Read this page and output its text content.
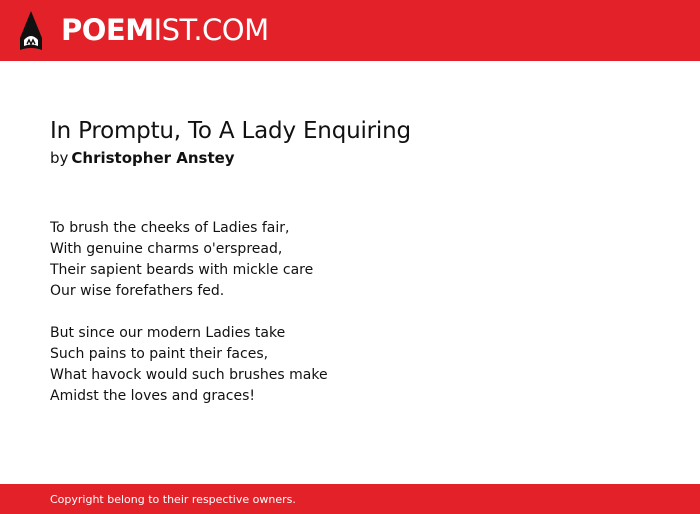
POEMIST.COM
In Promptu, To A Lady Enquiring
by Christopher Anstey
To brush the cheeks of Ladies fair,
With genuine charms o'erspread,
Their sapient beards with mickle care
Our wise forefathers fed.
But since our modern Ladies take
Such pains to paint their faces,
What havock would such brushes make
Amidst the loves and graces!
Copyright belong to their respective owners.
